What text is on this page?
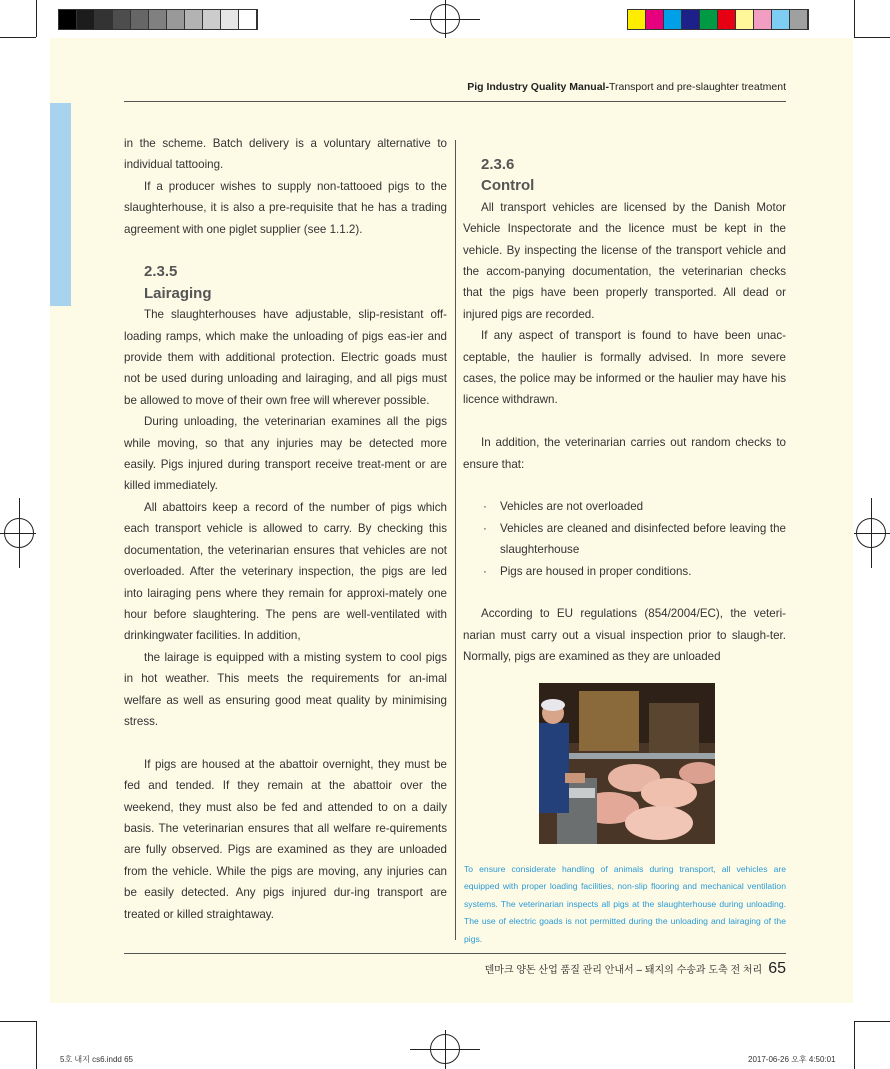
Pig Industry Quality Manual-Transport and pre-slaughter treatment

in the scheme. Batch delivery is a voluntary alternative to individual tattooing.

If a producer wishes to supply non-tattooed pigs to the slaughterhouse, it is also a pre-requisite that he has a trading agreement with one piglet supplier (see 1.1.2).

2.3.5
Lairaging

The slaughterhouses have adjustable, slip-resistant off-loading ramps, which make the unloading of pigs eas-ier and provide them with additional protection. Electric goads must not be used during unloading and lairaging, and all pigs must be allowed to move of their own free will wherever possible.

During unloading, the veterinarian examines all the pigs while moving, so that any injuries may be detected more easily. Pigs injured during transport receive treat-ment or are killed immediately.

All abattoirs keep a record of the number of pigs which each transport vehicle is allowed to carry. By checking this documentation, the veterinarian ensures that vehicles are not overloaded. After the veterinary inspection, the pigs are led into lairaging pens where they remain for approxi-mately one hour before slaughtering. The pens are well-ventilated with drinkingwater facilities. In addition,

the lairage is equipped with a misting system to cool pigs in hot weather. This meets the requirements for an-imal welfare as well as ensuring good meat quality by minimising stress.

If pigs are housed at the abattoir overnight, they must be fed and tended. If they remain at the abattoir over the weekend, they must also be fed and attended to on a daily basis. The veterinarian ensures that all welfare re-quirements are fully observed. Pigs are examined as they are unloaded from the vehicle. While the pigs are moving, any injuries can be easily detected. Any pigs injured dur-ing transport are treated or killed straightaway.

2.3.6
Control

All transport vehicles are licensed by the Danish Motor Vehicle Inspectorate and the licence must be kept in the vehicle. By inspecting the license of the transport vehicle and the accom-panying documentation, the veterinarian checks that the pigs have been properly transported. All dead or injured pigs are recorded.

If any aspect of transport is found to have been unac-ceptable, the haulier is formally advised. In more severe cases, the police may be informed or the haulier may have his licence withdrawn.

In addition, the veterinarian carries out random checks to ensure that:

· Vehicles are not overloaded
· Vehicles are cleaned and disinfected before leaving the slaughterhouse
· Pigs are housed in proper conditions.

According to EU regulations (854/2004/EC), the veteri-narian must carry out a visual inspection prior to slaugh-ter. Normally, pigs are examined as they are unloaded

To ensure considerate handling of animals during transport, all vehicles are equipped with proper loading facilities, non-slip flooring and mechanical ventilation systems. The veterinarian inspects all pigs at the slaughterhouse during unloading. The use of electric goads is not permitted during the unloading and lairaging of the pigs.
덴마크 양돈 산업 품질 관리 안내서 – 돼지의 수송과 도축 전 처리 65
5호 내지 cs6.indd 65	2017-06-26 오후 4:50:01
